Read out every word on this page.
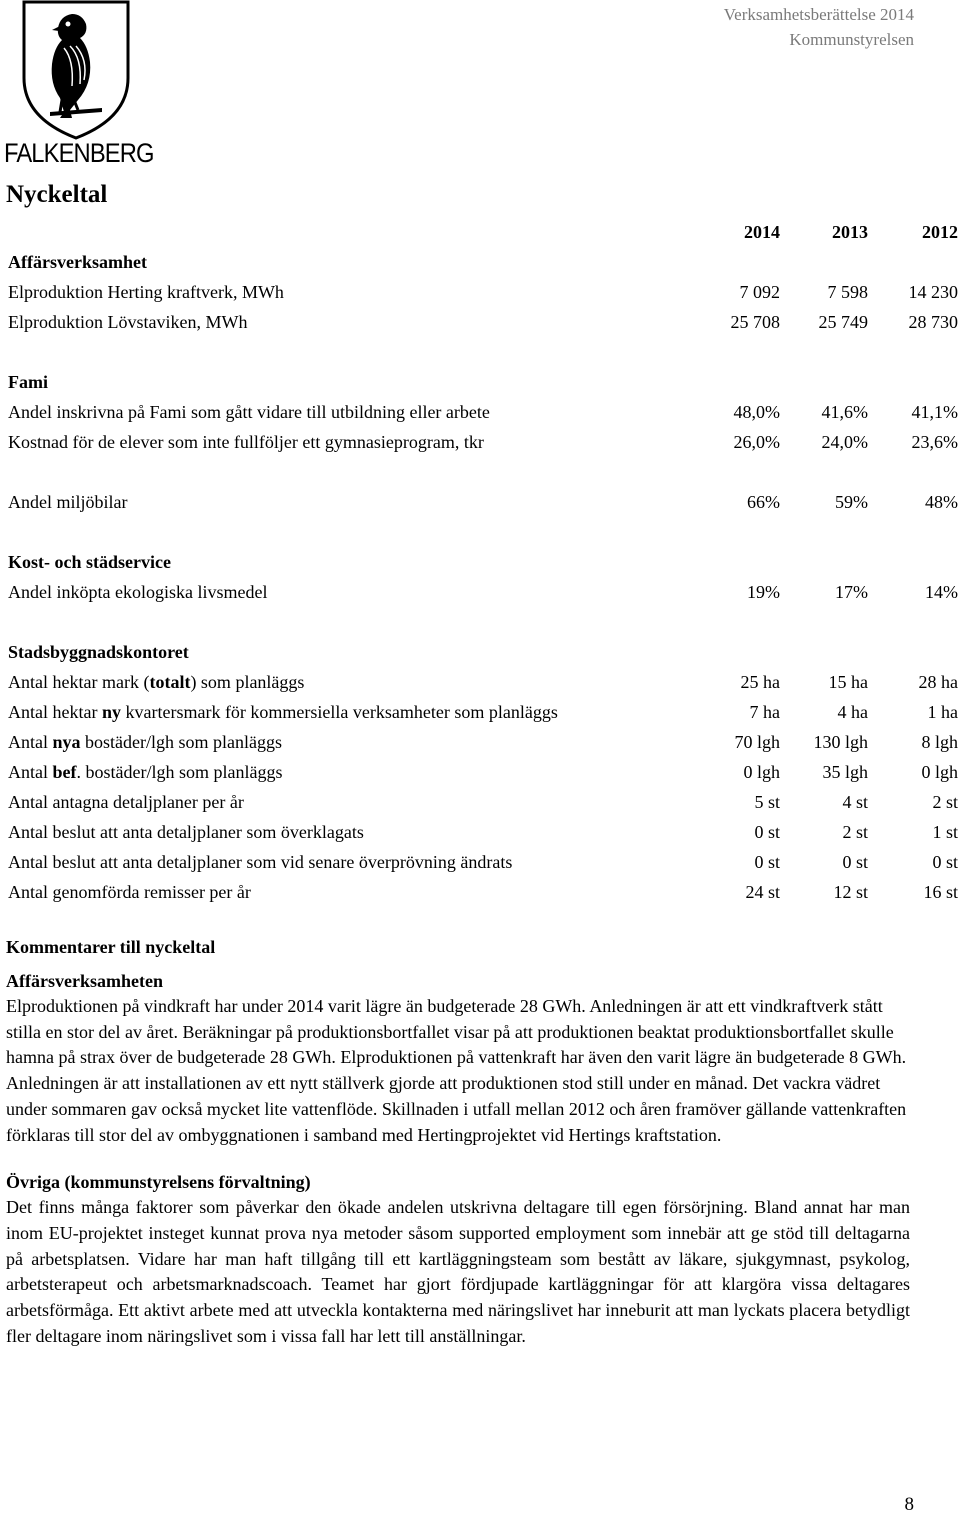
Verksamhetsberättelse 2014
Kommunstyrelsen
FALKENBERG
Nyckeltal
	2014	2013	2012
Affärsverksamhet			
Elproduktion Herting kraftverk, MWh	7 092	7 598	14 230
Elproduktion Lövstaviken, MWh	25 708	25 749	28 730

Fami			
Andel inskrivna på Fami som gått vidare till utbildning eller arbete	48,0%	41,6%	41,1%
Kostnad för de elever som inte fullföljer ett gymnasieprogram, tkr	26,0%	24,0%	23,6%

Andel miljöbilar	66%	59%	48%

Kost- och städservice			
Andel inköpta ekologiska livsmedel	19%	17%	14%

Stadsbyggnadskontoret			
Antal hektar mark (totalt) som planläggs	25 ha	15 ha	28 ha
Antal hektar ny kvartersmark för kommersiella verksamheter som planläggs	7 ha	4 ha	1 ha
Antal nya bostäder/lgh som planläggs	70 lgh	130 lgh	8 lgh
Antal bef. bostäder/lgh som planläggs	0 lgh	35 lgh	0 lgh
Antal antagna detaljplaner per år	5 st	4 st	2 st
Antal beslut att anta detaljplaner som överklagats	0 st	2 st	1 st
Antal beslut att anta detaljplaner som vid senare överprövning ändrats	0 st	0 st	0 st
Antal genomförda remisser per år	24 st	12 st	16 st
Kommentarer till nyckeltal
Affärsverksamheten

Elproduktionen på vindkraft har under 2014 varit lägre än budgeterade 28 GWh. Anledningen är att ett vindkraftverk stått stilla en stor del av året. Beräkningar på produktionsbortfallet visar på att produktionen beaktat produktionsbortfallet skulle hamna på strax över de budgeterade 28 GWh. Elproduktionen på vattenkraft har även den varit lägre än budgeterade 8 GWh. Anledningen är att installationen av ett nytt ställverk gjorde att produktionen stod still under en månad. Det vackra vädret under sommaren gav också mycket lite vattenflöde. Skillnaden i utfall mellan 2012 och åren framöver gällande vattenkraften förklaras till stor del av ombyggnationen i samband med Hertingprojektet vid Hertings kraftstation.

Övriga (kommunstyrelsens förvaltning)

Det finns många faktorer som påverkar den ökade andelen utskrivna deltagare till egen försörjning. Bland annat har man inom EU-projektet insteget kunnat prova nya metoder såsom supported employment som innebär att ge stöd till deltagarna på arbetsplatsen. Vidare har man haft tillgång till ett kartläggningsteam som bestått av läkare, sjukgymnast, psykolog, arbetsterapeut och arbetsmarknadscoach. Teamet har gjort fördjupade kartläggningar för att klargöra vissa deltagares arbetsförmåga. Ett aktivt arbete med att utveckla kontakterna med näringslivet har inneburit att man lyckats placera betydligt fler deltagare inom näringslivet som i vissa fall har lett till anställningar.

8
